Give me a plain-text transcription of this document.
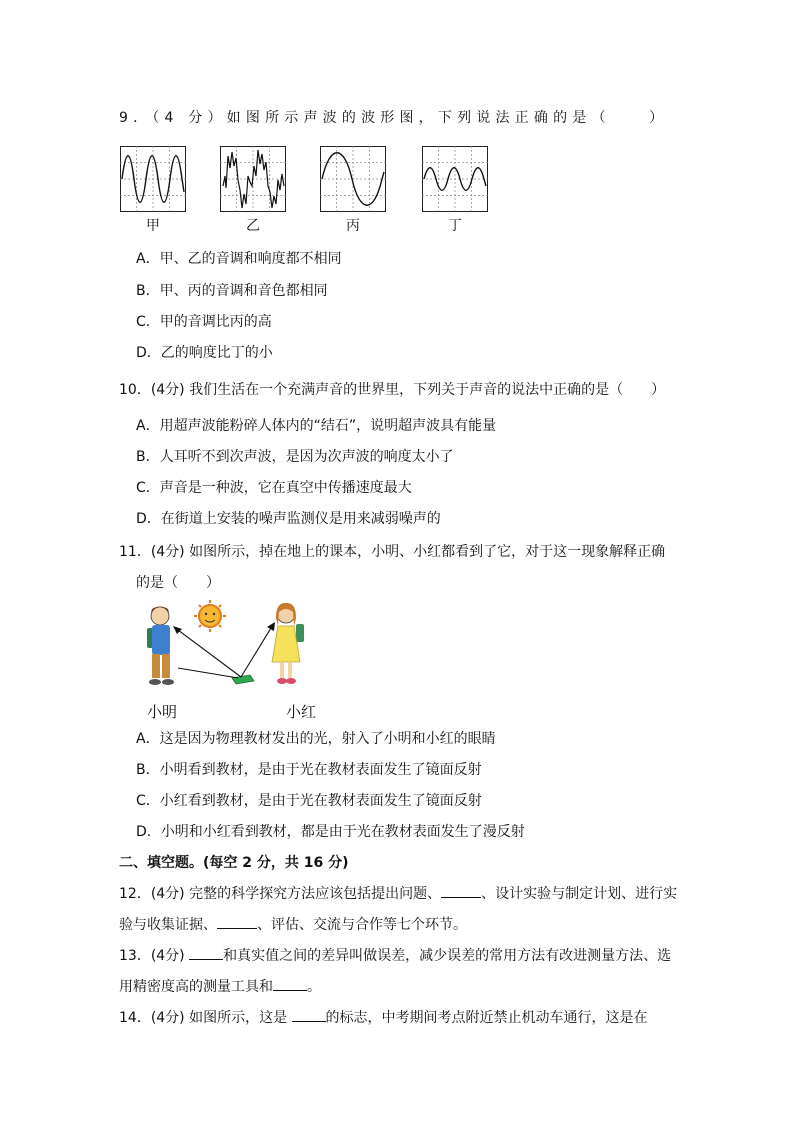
9．（4 分）如图所示声波的波形图，下列说法正确的是（　　）
甲	乙	丙	丁
A．甲、乙的音调和响度都不相同
B．甲、丙的音调和音色都相同
C．甲的音调比丙的高
D．乙的响度比丁的小
10．(4分) 我们生活在一个充满声音的世界里，下列关于声音的说法中正确的是（　　）
A．用超声波能粉碎人体内的“结石”，说明超声波具有能量
B．人耳听不到次声波，是因为次声波的响度太小了
C．声音是一种波，它在真空中传播速度最大
D．在街道上安装的噪声监测仪是用来减弱噪声的
11．(4分) 如图所示，掉在地上的课本，小明、小红都看到了它，对于这一现象解释正确
的是（　　）
小明	小红
A．这是因为物理教材发出的光，射入了小明和小红的眼睛
B．小明看到教材，是由于光在教材表面发生了镜面反射
C．小红看到教材，是由于光在教材表面发生了镜面反射
D．小明和小红看到教材，都是由于光在教材表面发生了漫反射
二、填空题。(每空 2 分，共 16 分)
12．(4分) 完整的科学探究方法应该包括提出问题、	、设计实验与制定计划、进行实
验与收集证据、	、评估、交流与合作等七个环节。
13．(4分) 和真实值之间的差异叫做误差，减少误差的常用方法有改进测量方法、选
用精密度高的测量工具和 。
14．(4分) 如图所示，这是 的标志，中考期间考点附近禁止机动车通行，这是在
